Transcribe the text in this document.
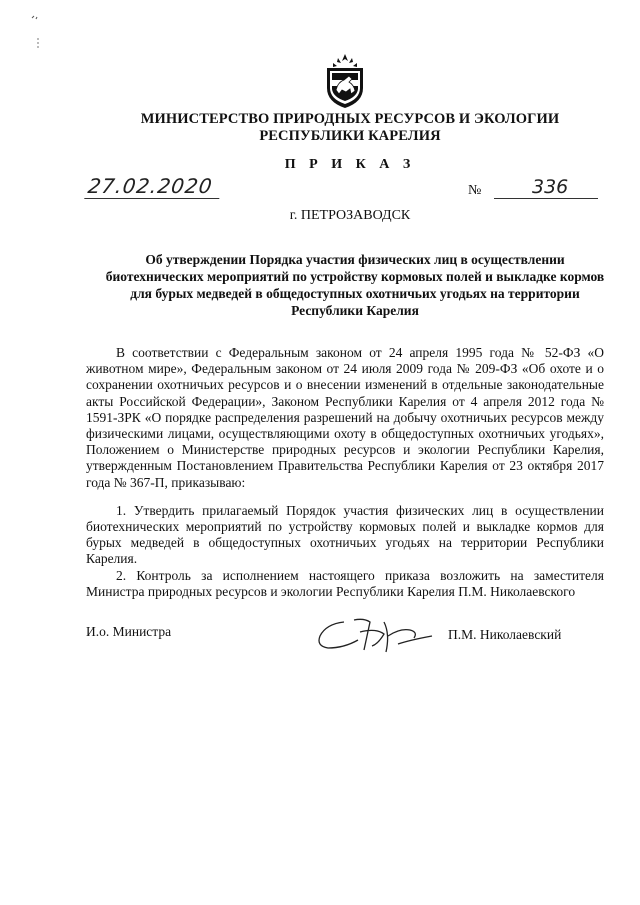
МИНИСТЕРСТВО ПРИРОДНЫХ РЕСУРСОВ И ЭКОЛОГИИ
РЕСПУБЛИКИ КАРЕЛИЯ
П Р И К А З
27.02.2020	№	336
г. ПЕТРОЗАВОДСК
Об утверждении Порядка участия физических лиц в осуществлении биотехнических мероприятий по устройству кормовых полей и выкладке кормов для бурых медведей в общедоступных охотничьих угодьях на территории Республики Карелия

В соответствии с Федеральным законом от 24 апреля 1995 года № 52-ФЗ «О животном мире», Федеральным законом от 24 июля 2009 года № 209-ФЗ «Об охоте и о сохранении охотничьих ресурсов и о внесении изменений в отдельные законодательные акты Российской Федерации», Законом Республики Карелия от 4 апреля 2012 года № 1591-ЗРК «О порядке распределения разрешений на добычу охотничьих ресурсов между физическими лицами, осуществляющими охоту в общедоступных охотничьих угодьях», Положением о Министерстве природных ресурсов и экологии Республики Карелия, утвержденным Постановлением Правительства Республики Карелия от 23 октября 2017 года № 367-П, приказываю:

1. Утвердить прилагаемый Порядок участия физических лиц в осуществлении биотехнических мероприятий по устройству кормовых полей и выкладке кормов для бурых медведей в общедоступных охотничьих угодьях на территории Республики Карелия.

2. Контроль за исполнением настоящего приказа возложить на заместителя Министра природных ресурсов и экологии Республики Карелия П.М. Николаевского

И.о. Министра	П.М. Николаевский
